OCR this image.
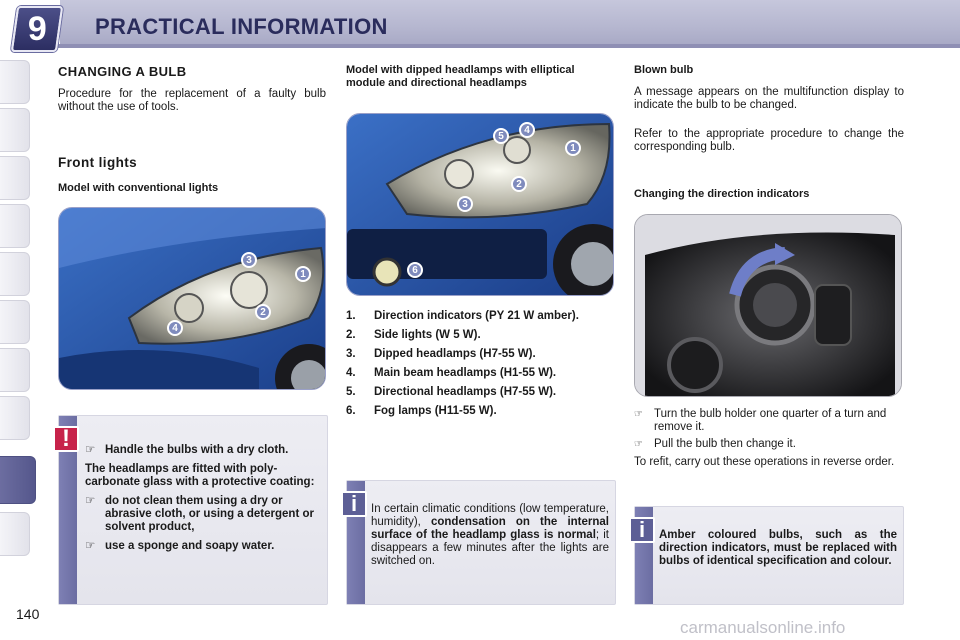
9 PRACTICAL INFORMATION
CHANGING A BULB
Procedure for the replacement of a faulty bulb without the use of tools.
Front lights
Model with conventional lights
3
1
2
4
!	☞ Handle the bulbs with a dry cloth.
The headlamps are fitted with poly-carbonate glass with a protective coating:
☞ do not clean them using a dry or abrasive cloth, or using a detergent or solvent product,
☞ use a sponge and soapy water.
Model with dipped headlamps with elliptical module and directional headlamps
1
2
3
4
5
6
1.	Direction indicators (PY 21 W amber).
2.	Side lights (W 5 W).
3.	Dipped headlamps (H7-55 W).
4.	Main beam headlamps (H1-55 W).
5.	Directional headlamps (H7-55 W).
6.	Fog lamps (H11-55 W).
i	In certain climatic conditions (low temperature, humidity), condensation on the internal surface of the headlamp glass is normal; it disappears a few minutes after the lights are switched on.
Blown bulb
A message appears on the multifunction display to indicate the bulb to be changed.
Refer to the appropriate procedure to change the corresponding bulb.
Changing the direction indicators
☞ Turn the bulb holder one quarter of a turn and remove it.
☞ Pull the bulb then change it.
To refit, carry out these operations in reverse order.
i	Amber coloured bulbs, such as the direction indicators, must be replaced with bulbs of identical specification and colour.
140
carmanualsonline.info
